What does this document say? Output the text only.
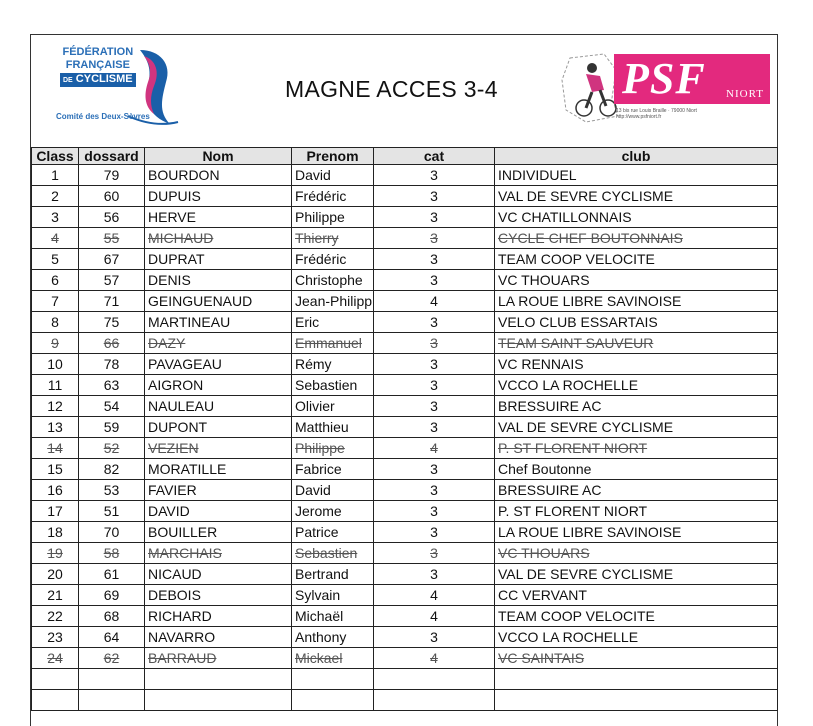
FÉDÉRATION
FRANÇAISE
DE CYCLISME
Comité des Deux-Sèvres
MAGNE ACCES 3-4	PSF NIORT
13 bis rue Louis Braille · 79000 Niort
http://www.psfniort.fr
Class	dossard	Nom	Prenom	cat	club
1	79	BOURDON	David	3	INDIVIDUEL
2	60	DUPUIS	Frédéric	3	VAL DE SEVRE CYCLISME
3	56	HERVE	Philippe	3	VC CHATILLONNAIS
4	55	MICHAUD	Thierry	3	CYCLE CHEF BOUTONNAIS
5	67	DUPRAT	Frédéric	3	TEAM COOP VELOCITE
6	57	DENIS	Christophe	3	VC THOUARS
7	71	GEINGUENAUD	Jean-Philipp	4	LA ROUE LIBRE SAVINOISE
8	75	MARTINEAU	Eric	3	VELO CLUB ESSARTAIS
9	66	DAZY	Emmanuel	3	TEAM SAINT SAUVEUR
10	78	PAVAGEAU	Rémy	3	VC RENNAIS
11	63	AIGRON	Sebastien	3	VCCO LA ROCHELLE
12	54	NAULEAU	Olivier	3	BRESSUIRE AC
13	59	DUPONT	Matthieu	3	VAL DE SEVRE CYCLISME
14	52	VEZIEN	Philippe	4	P. ST FLORENT NIORT
15	82	MORATILLE	Fabrice	3	Chef Boutonne
16	53	FAVIER	David	3	BRESSUIRE AC
17	51	DAVID	Jerome	3	P. ST FLORENT NIORT
18	70	BOUILLER	Patrice	3	LA ROUE LIBRE SAVINOISE
19	58	MARCHAIS	Sebastien	3	VC THOUARS
20	61	NICAUD	Bertrand	3	VAL DE SEVRE CYCLISME
21	69	DEBOIS	Sylvain	4	CC VERVANT
22	68	RICHARD	Michaël	4	TEAM COOP VELOCITE
23	64	NAVARRO	Anthony	3	VCCO LA ROCHELLE
24	62	BARRAUD	Mickael	4	VC SAINTAIS
